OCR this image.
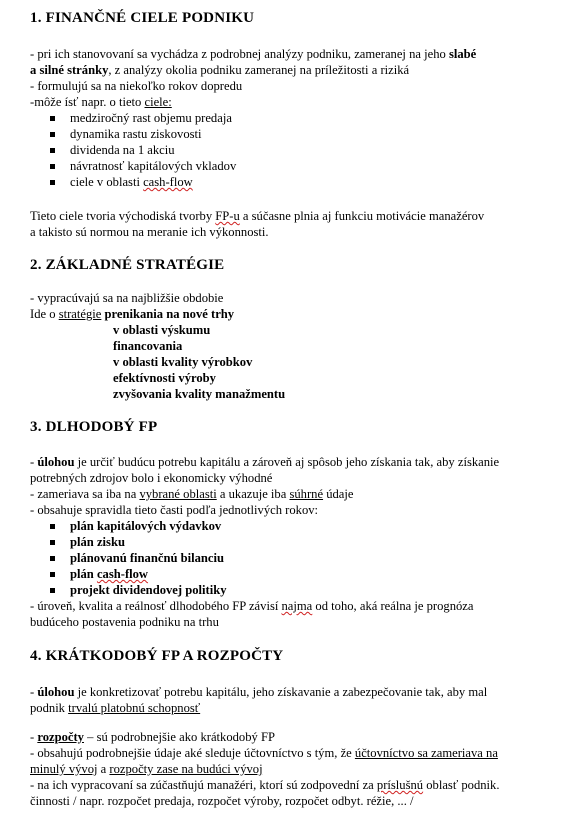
1. FINANČNÉ CIELE PODNIKU
- pri ich stanovovaní sa vychádza z podrobnej analýzy podniku, zameranej na jeho slabé
a silné stránky, z analýzy okolia podniku zameranej na príležitosti a riziká
- formulujú sa na niekoľko rokov dopredu
-môže ísť napr. o tieto ciele:
medziročný rast objemu predaja
dynamika rastu ziskovosti
dividenda na 1 akciu
návratnosť kapitálových vkladov
ciele v oblasti cash-flow
Tieto ciele tvoria východiská tvorby FP-u a súčasne plnia aj funkciu motivácie manažérov
a takisto sú normou na meranie ich výkonnosti.
2. ZÁKLADNÉ STRATÉGIE
- vypracúvajú sa na najbližšie obdobie
Ide o stratégie prenikania na nové trhy
v oblasti výskumu
financovania
v oblasti kvality výrobkov
efektívnosti výroby
zvyšovania kvality manažmentu
3. DLHODOBÝ FP
- úlohou je určiť budúcu potrebu kapitálu a zároveň aj spôsob jeho získania tak, aby získanie
potrebných zdrojov bolo i ekonomicky výhodné
- zameriava sa iba na vybrané oblasti a ukazuje iba súhrné údaje
- obsahuje spravidla tieto časti podľa jednotlivých rokov:
plán kapitálových výdavkov
plán zisku
plánovanú finančnú bilanciu
plán cash-flow
projekt dividendovej politiky
- úroveň, kvalita a reálnosť dlhodobého FP závisí najma od toho, aká reálna je prognóza
budúceho postavenia podniku na trhu
4. KRÁTKODOBÝ FP A ROZPOČTY
- úlohou je konkretizovať potrebu kapitálu, jeho získavanie a zabezpečovanie tak, aby mal
podnik trvalú platobnú schopnosť
- rozpočty – sú podrobnejšie ako krátkodobý FP
- obsahujú podrobnejšie údaje aké sleduje účtovníctvo s tým, že účtovníctvo sa zameriava na
minulý vývoj a rozpočty zase na budúci vývoj
- na ich vypracovaní sa zúčastňujú manažéri, ktorí sú zodpovední za príslušnú oblasť podnik.
činnosti / napr. rozpočet predaja, rozpočet výroby, rozpočet odbyt. réžie, ... /
